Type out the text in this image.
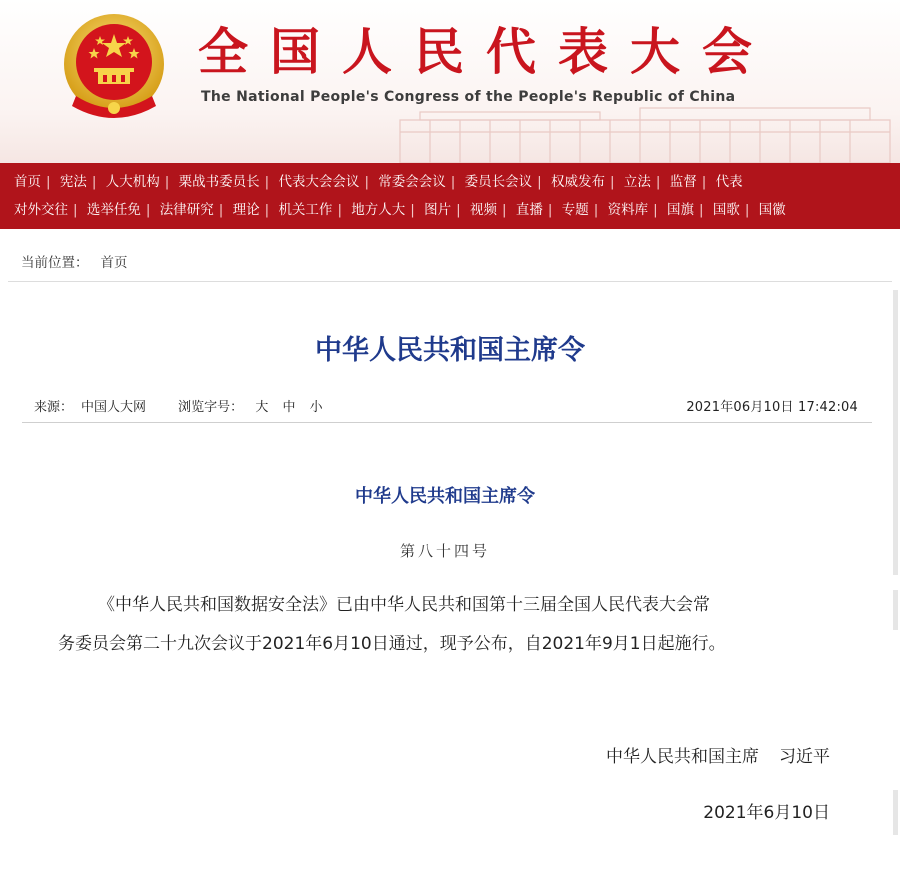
全国人民代表大会
The National People's Congress of the People's Republic of China
首页 | 宪法 | 人大机构 | 栗战书委员长 | 代表大会会议 | 常委会会议 | 委员长会议 | 权威发布 | 立法 | 监督 | 代表
对外交往 | 选举任免 | 法律研究 | 理论 | 机关工作 | 地方人大 | 图片 | 视频 | 直播 | 专题 | 资料库 | 国旗 | 国歌 | 国徽
当前位置： 首页
中华人民共和国主席令
来源： 中国人大网 浏览字号： 大 中 小	2021年06月10日 17:42:04
中华人民共和国主席令
第八十四号
《中华人民共和国数据安全法》已由中华人民共和国第十三届全国人民代表大会常
务委员会第二十九次会议于2021年6月10日通过，现予公布，自2021年9月1日起施行。
中华人民共和国主席 习近平
2021年6月10日
